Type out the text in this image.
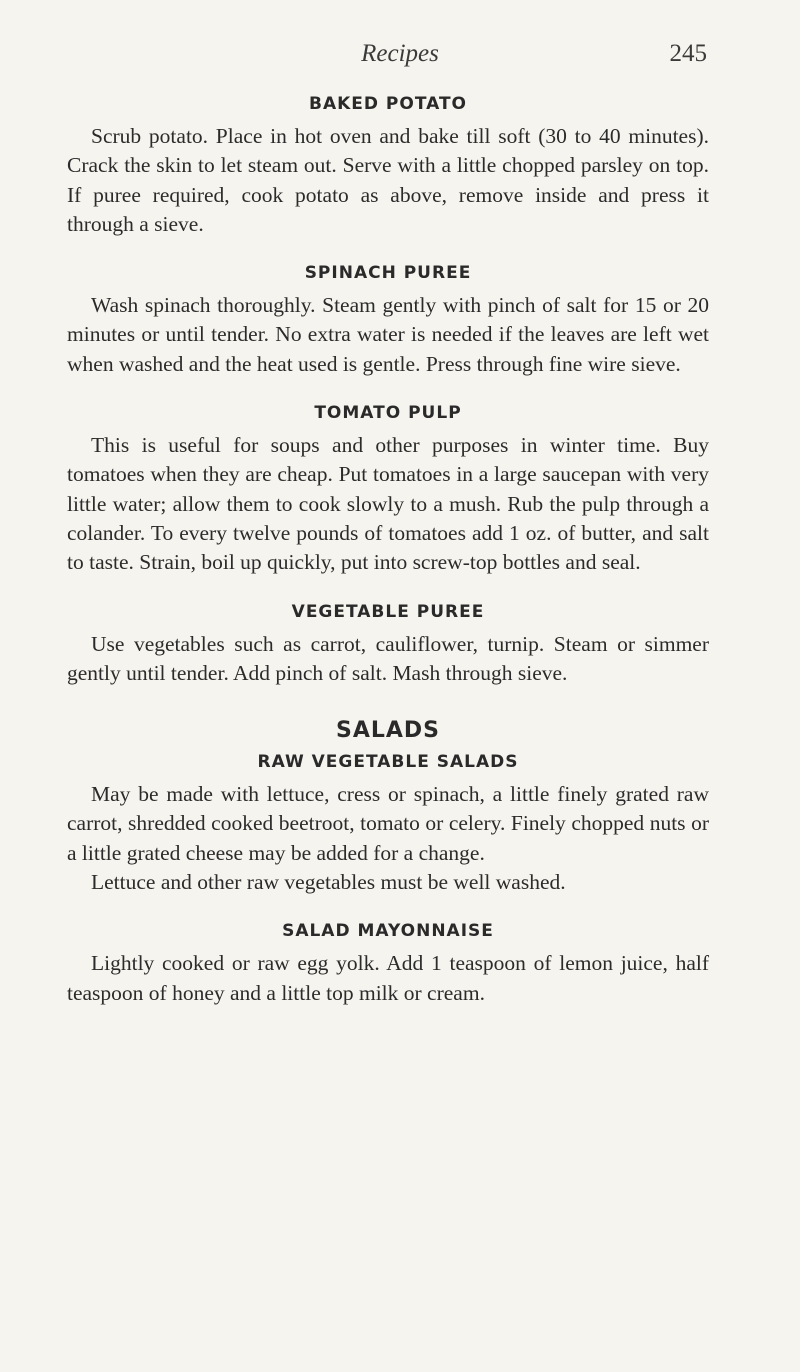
Recipes	245
BAKED POTATO

Scrub potato. Place in hot oven and bake till soft (30 to 40 minutes). Crack the skin to let steam out. Serve with a little chopped parsley on top. If puree required, cook potato as above, remove inside and press it through a sieve.

SPINACH PUREE

Wash spinach thoroughly. Steam gently with pinch of salt for 15 or 20 minutes or until tender. No extra water is needed if the leaves are left wet when washed and the heat used is gentle. Press through fine wire sieve.

TOMATO PULP

This is useful for soups and other purposes in winter time. Buy tomatoes when they are cheap. Put tomatoes in a large saucepan with very little water; allow them to cook slowly to a mush. Rub the pulp through a colander. To every twelve pounds of tomatoes add 1 oz. of butter, and salt to taste. Strain, boil up quickly, put into screw-top bottles and seal.

VEGETABLE PUREE

Use vegetables such as carrot, cauliflower, turnip. Steam or simmer gently until tender. Add pinch of salt. Mash through sieve.

SALADS
RAW VEGETABLE SALADS

May be made with lettuce, cress or spinach, a little finely grated raw carrot, shredded cooked beetroot, tomato or celery. Finely chopped nuts or a little grated cheese may be added for a change.

Lettuce and other raw vegetables must be well washed.

SALAD MAYONNAISE

Lightly cooked or raw egg yolk. Add 1 teaspoon of lemon juice, half teaspoon of honey and a little top milk or cream.
